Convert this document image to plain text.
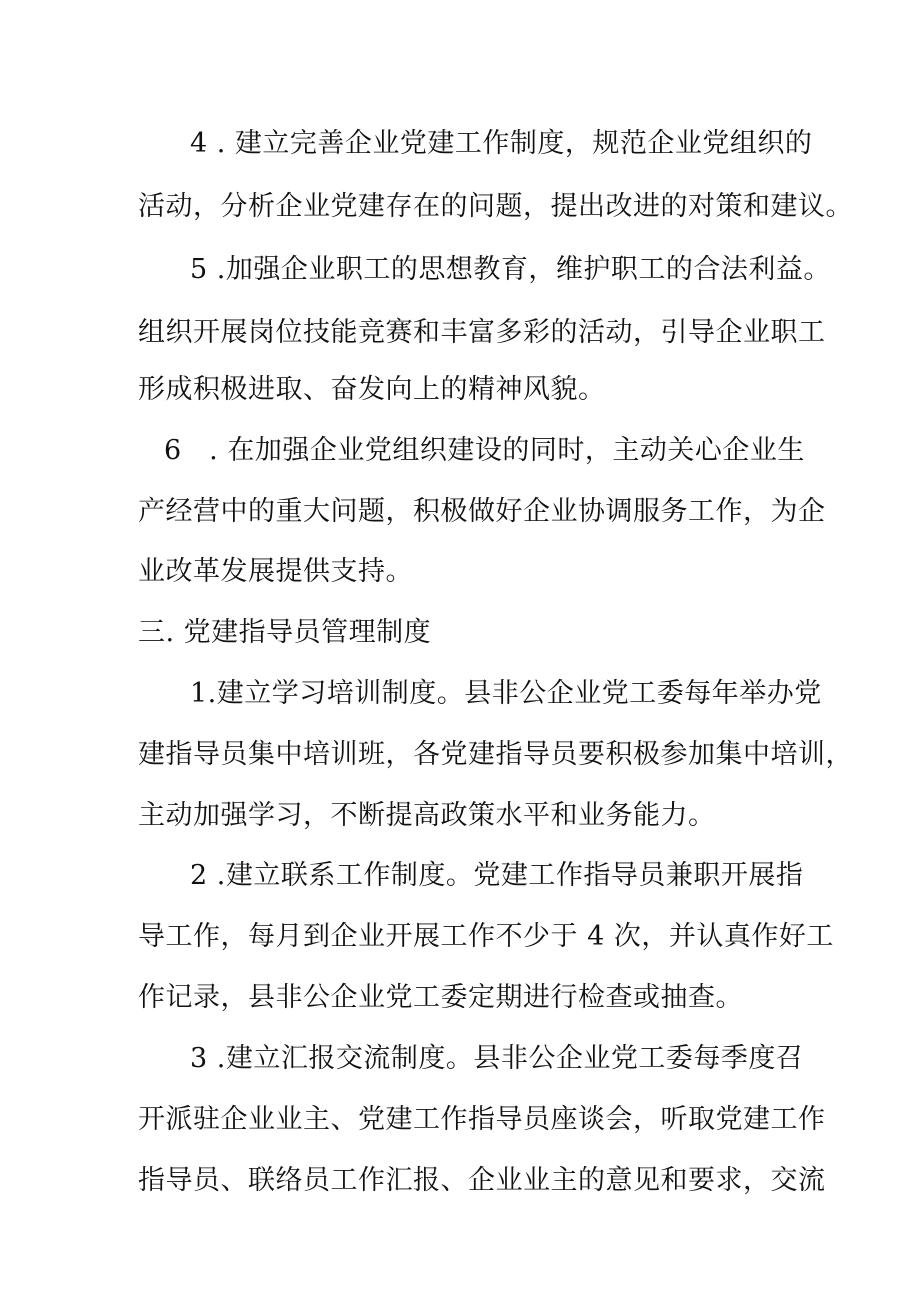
4 . 建立完善企业党建工作制度，规范企业党组织的
活动，分析企业党建存在的问题，提出改进的对策和建议。
5 .加强企业职工的思想教育，维护职工的合法利益。
组织开展岗位技能竞赛和丰富多彩的活动，引导企业职工
形成积极进取、奋发向上的精神风貌。
6　. 在加强企业党组织建设的同时，主动关心企业生
产经营中的重大问题，积极做好企业协调服务工作，为企
业改革发展提供支持。
三. 党建指导员管理制度
1.建立学习培训制度。县非公企业党工委每年举办党
建指导员集中培训班，各党建指导员要积极参加集中培训，
主动加强学习，不断提高政策水平和业务能力。
2 .建立联系工作制度。党建工作指导员兼职开展指
导工作，每月到企业开展工作不少于 4 次，并认真作好工
作记录，县非公企业党工委定期进行检查或抽查。
3 .建立汇报交流制度。县非公企业党工委每季度召
开派驻企业业主、党建工作指导员座谈会，听取党建工作
指导员、联络员工作汇报、企业业主的意见和要求，交流
